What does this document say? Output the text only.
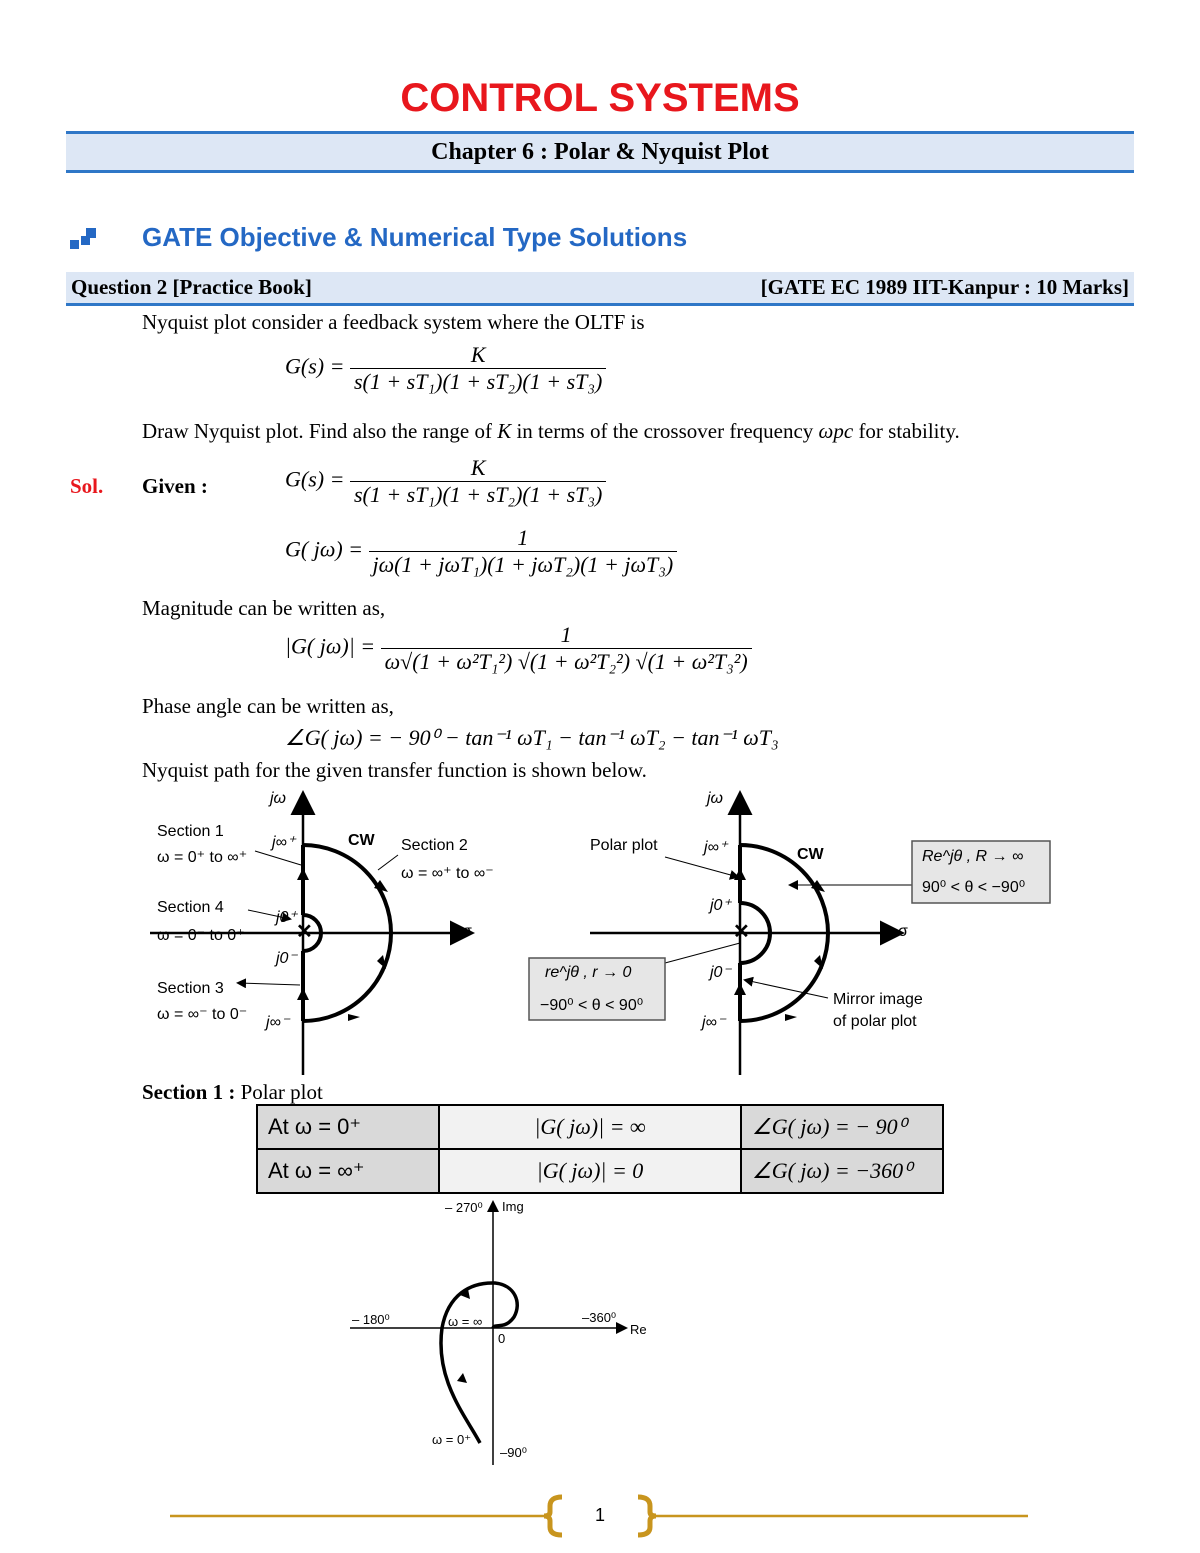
CONTROL SYSTEMS
Chapter 6 : Polar & Nyquist Plot
GATE Objective & Numerical Type Solutions
Question 2 [Practice Book]	[GATE EC 1989 IIT-Kanpur : 10 Marks]
Nyquist plot consider a feedback system where the OLTF is
$G(s) = \frac{K}{\text{s(1 + sT₁)(1 + sT₂)(1 + sT₃)}}$
Draw Nyquist plot. Find also the range of K in terms of the crossover frequency ωpc for stability.
Sol. Given :	$G(s) = \frac{K}{\text{s(1 + sT₁)(1 + sT₂)(1 + sT₃)}}$
G( $j\omega) = \frac{1}{\text{jω(1 + jωT₁)(1 + jωT₂)(1 + jωT₃)}}$
Magnitude can be written as,
|G( $j\omega)| = \frac{1}{\text{ω√(1 + ω²T₁²) √(1 + ω²T₂²) √(1 + ω²T₃²)}}$
Phase angle can be written as,
∠G( jω) = − 90⁰ − tan⁻¹ ωT₁ − tan⁻¹ ωT₂ − tan⁻¹ ωT₃
Nyquist path for the given transfer function is shown below.
✕	✕
jω
σ
CW
j∞⁺
j∞⁻
j0⁺
j0⁻
Section 1
ω = 0⁺ to ∞⁺
Section 2
ω = ∞⁺ to ∞⁻
Section 4
ω = 0⁻ to 0⁺
Section 3
ω = ∞⁻ to 0⁻
jω
σ
CW
Polar plot	j∞⁺
j∞⁻
j0⁺
j0⁻
Re^jθ , R → ∞
90⁰ < θ < −90⁰
re^jθ , r → 0
−90⁰ < θ < 90⁰	Mirror image
of polar plot
Section 1 : Polar plot
At ω = 0⁺	|G( jω)| = ∞	∠G( jω) = − 90⁰
At ω = ∞⁺	|G( jω)| = 0	∠G( jω) = −360⁰
– 270⁰ Img
– 180⁰	–360⁰
Re
0
ω = ∞
ω = 0⁺
–90⁰
1
